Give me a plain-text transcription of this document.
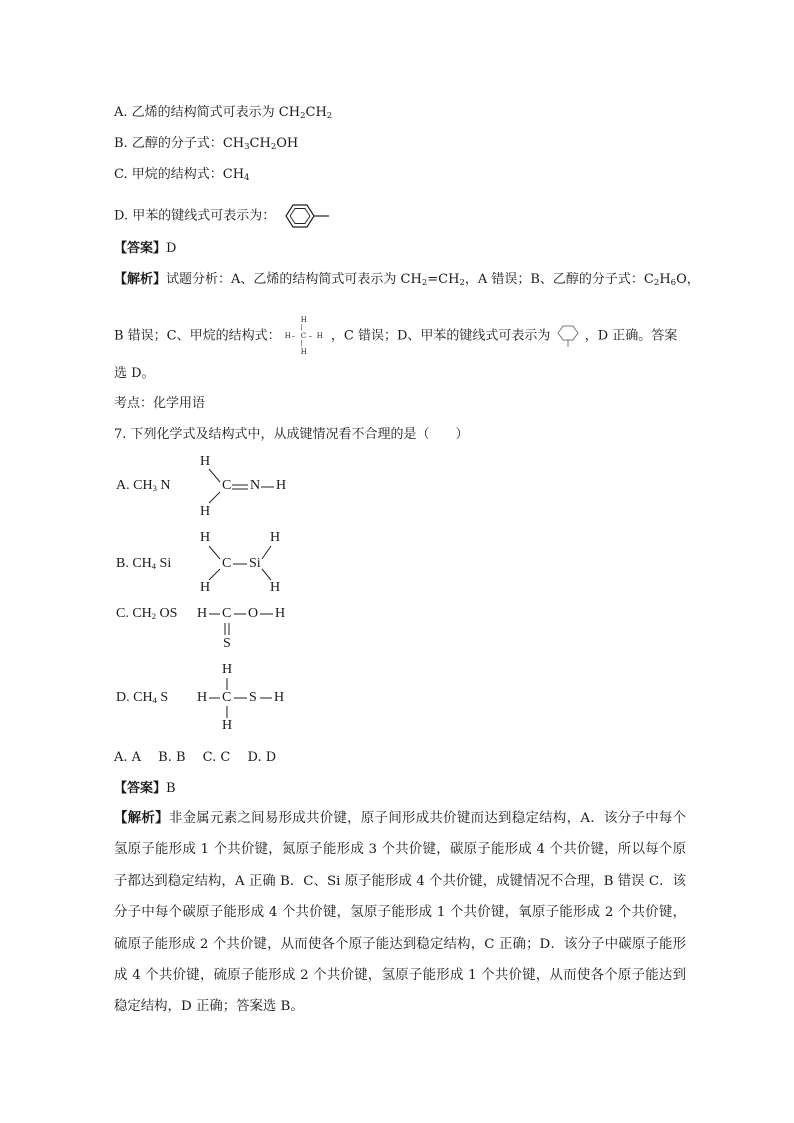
A. 乙烯的结构简式可表示为 $CH_2CH_2$
B. 乙醇的分子式：$CH_3CH_2OH$
C. 甲烷的结构式：$CH_4$
D. 甲苯的键线式可表示为：
【答案】D
【解析】试题分析：A、乙烯的结构简式可表示为 $CH_2=CH_2$，A 错误；B、乙醇的分子式：$C_2H_6O$，
B 错误；C、甲烷的结构式：
H
|
H – C – H
|
H
，C 错误；D、甲苯的键线式可表示为	，D 正确。答案
选 D。
考点：化学用语
7. 下列化学式及结构式中，从成键情况看不合理的是（　　）
A. $CH_3$ N
H
H
C N H
B. $CH_4$ Si
H
H
C Si
H
H
C. $CH_2$ OS H C O H
S
D. $CH_4$ S
H
H C S H
H
A. A　 B. B　 C. C　 D. D
【答案】B
【解析】非金属元素之间易形成共价键，原子间形成共价键而达到稳定结构，A．该分子中每个氢原子能形成 1 个共价键，氮原子能形成 3 个共价键，碳原子能形成 4 个共价键，所以每个原子都达到稳定结构，A 正确 B．C、Si 原子能形成 4 个共价键，成键情况不合理，B 错误 C．该分子中每个碳原子能形成 4 个共价键，氢原子能形成 1 个共价键，氧原子能形成 2 个共价键，硫原子能形成 2 个共价键，从而使各个原子能达到稳定结构，C 正确；D．该分子中碳原子能形成 4 个共价键，硫原子能形成 2 个共价键，氢原子能形成 1 个共价键，从而使各个原子能达到稳定结构，D 正确；答案选 B。
